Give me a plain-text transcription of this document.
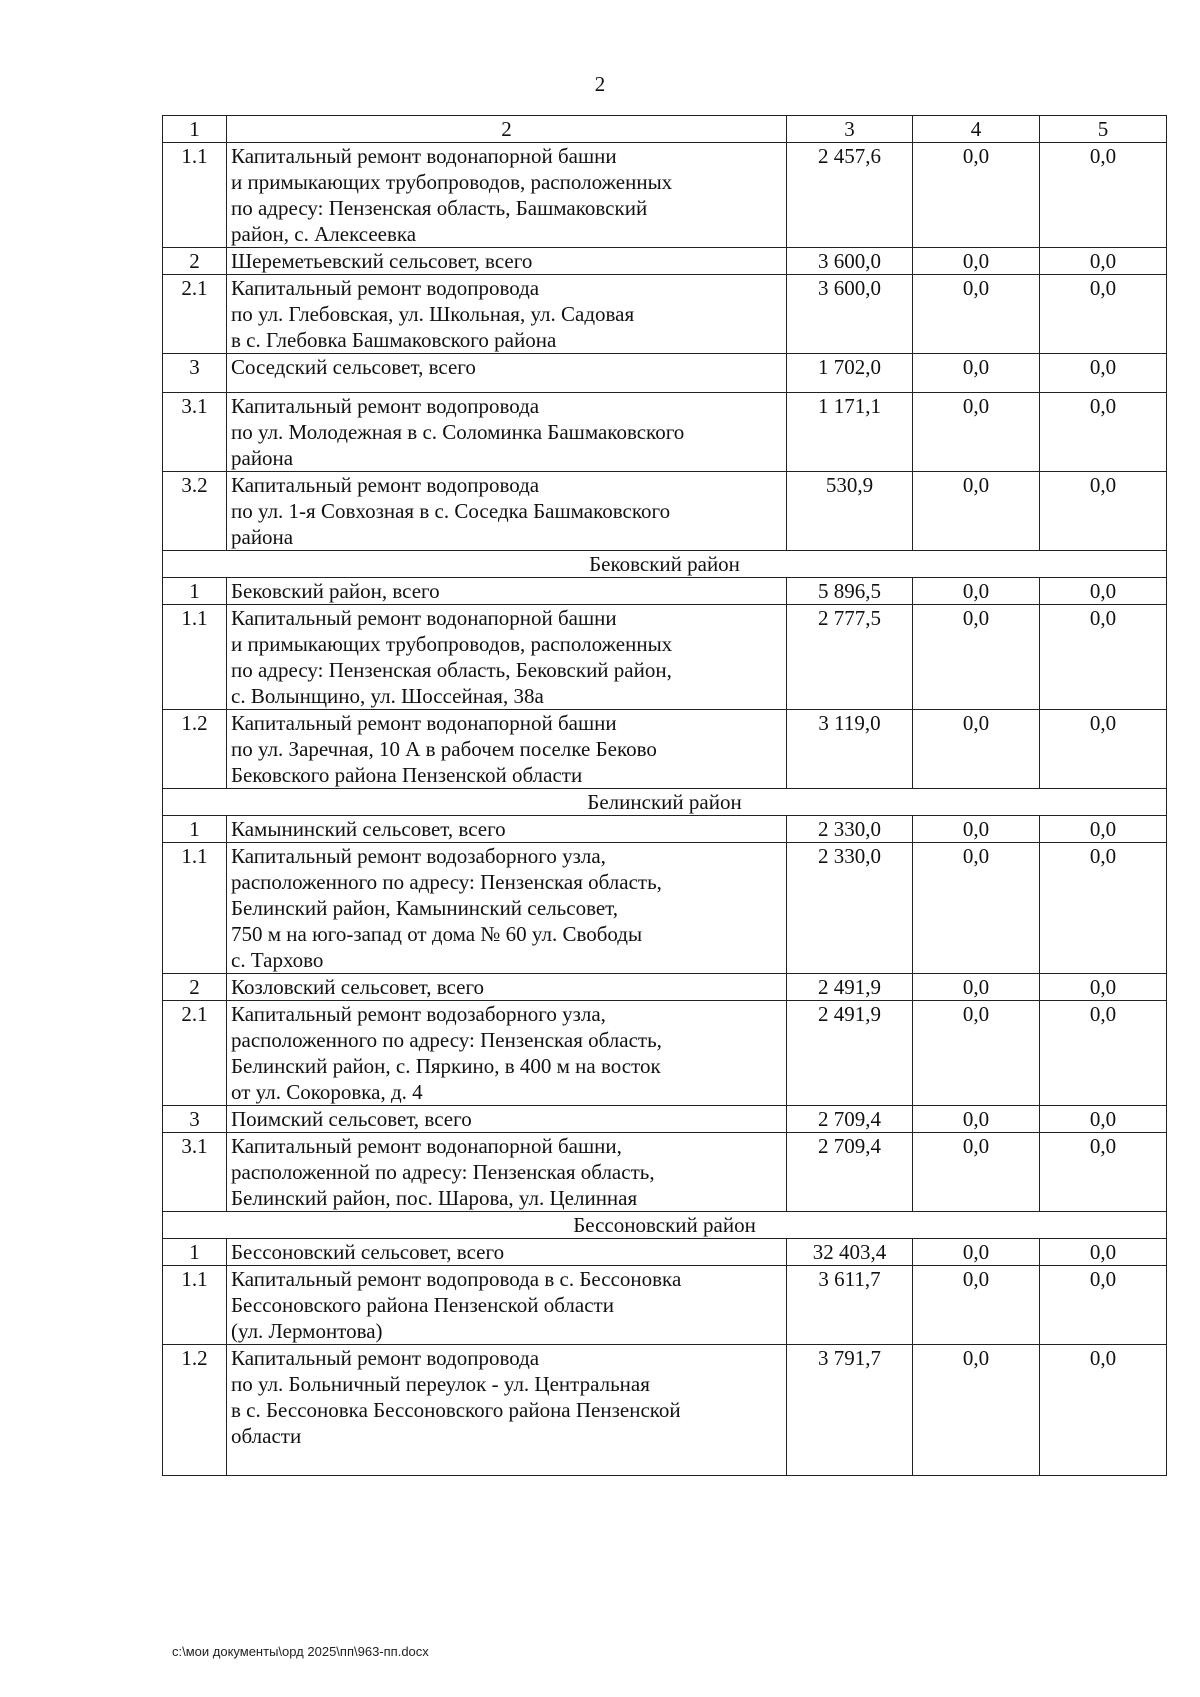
2
1	2	3	4	5
1.1	Капитальный ремонт водонапорной башни
и примыкающих трубопроводов, расположенных
по адресу: Пензенская область, Башмаковский
район, с. Алексеевка	2 457,6	0,0	0,0
2	Шереметьевский сельсовет, всего	3 600,0	0,0	0,0
2.1	Капитальный ремонт водопровода
по ул. Глебовская, ул. Школьная, ул. Садовая
в с. Глебовка Башмаковского района	3 600,0	0,0	0,0
3	Соседский сельсовет, всего	1 702,0	0,0	0,0
3.1	Капитальный ремонт водопровода
по ул. Молодежная в с. Соломинка Башмаковского
района	1 171,1	0,0	0,0
3.2	Капитальный ремонт водопровода
по ул. 1-я Совхозная в с. Соседка Башмаковского
района	530,9	0,0	0,0
Бековский район				
1	Бековский район, всего	5 896,5	0,0	0,0
1.1	Капитальный ремонт водонапорной башни
и примыкающих трубопроводов, расположенных
по адресу: Пензенская область, Бековский район,
с. Волынщино, ул. Шоссейная, 38а	2 777,5	0,0	0,0
1.2	Капитальный ремонт водонапорной башни
по ул. Заречная, 10 А в рабочем поселке Беково
Бековского района Пензенской области	3 119,0	0,0	0,0
Белинский район				
1	Камынинский сельсовет, всего	2 330,0	0,0	0,0
1.1	Капитальный ремонт водозаборного узла,
расположенного по адресу: Пензенская область,
Белинский район, Камынинский сельсовет,
750 м на юго-запад от дома № 60 ул. Свободы
с. Тархово	2 330,0	0,0	0,0
2	Козловский сельсовет, всего	2 491,9	0,0	0,0
2.1	Капитальный ремонт водозаборного узла,
расположенного по адресу: Пензенская область,
Белинский район, с. Пяркино, в 400 м на восток
от ул. Сокоровка, д. 4	2 491,9	0,0	0,0
3	Поимский сельсовет, всего	2 709,4	0,0	0,0
3.1	Капитальный ремонт водонапорной башни,
расположенной по адресу: Пензенская область,
Белинский район, пос. Шарова, ул. Целинная	2 709,4	0,0	0,0
Бессоновский район				
1	Бессоновский сельсовет, всего	32 403,4	0,0	0,0
1.1	Капитальный ремонт водопровода в с. Бессоновка
Бессоновского района Пензенской области
(ул. Лермонтова)	3 611,7	0,0	0,0
1.2	Капитальный ремонт водопровода
по ул. Больничный переулок - ул. Центральная
в с. Бессоновка Бессоновского района Пензенской
области	3 791,7	0,0	0,0
c:\мои документы\орд 2025\пп\963-пп.docx
